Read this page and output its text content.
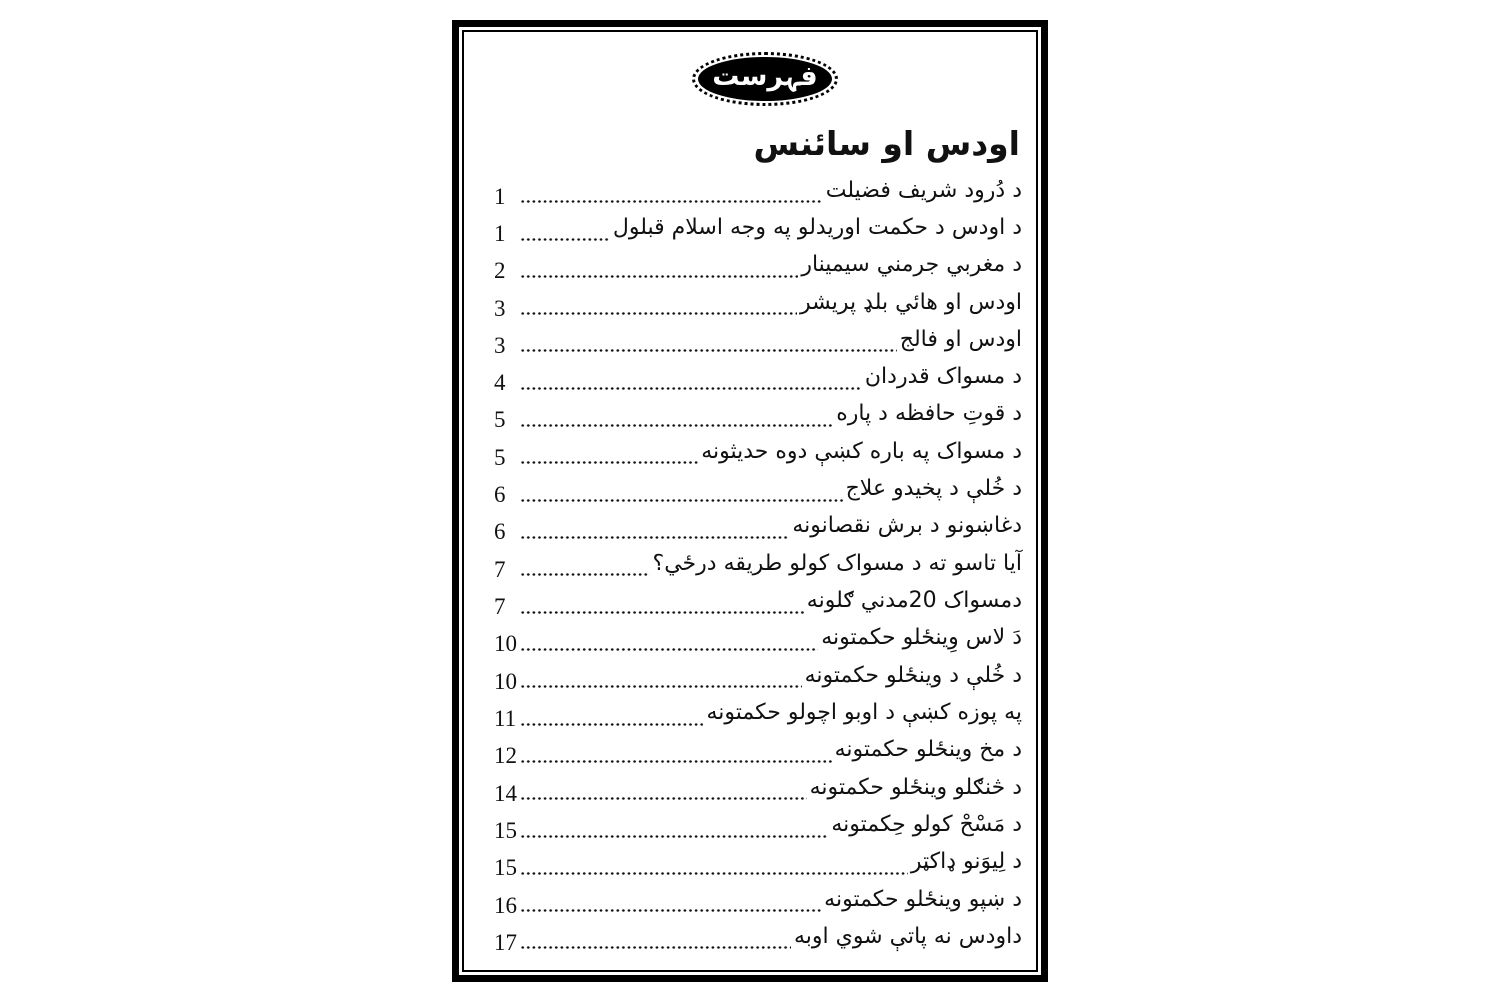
فہرست
اودس او سائنس
د دُرود شریف فضیلت
1
د اودس د حکمت اوریدلو په وجه اسلام قبلول
1
د مغربي جرمني سیمینار
2
اودس او هائي بلډ پریشر
3
اودس او فالج
3
د مسواک قدردان
4
د قوتِ حافظه د پاره
5
د مسواک په باره کښې دوه حدیثونه
5
د خُلې د پخیدو علاج
6
دغاښونو د برش نقصانونه
6
آیا تاسو ته د مسواک کولو طریقه درځي؟
7
دمسواک 20مدني ګلونه
7
دَ لاس وِينځلو حکمتونه
10
د خُلې د وينځلو حکمتونه
10
په پوزه کښې د اوبو اچولو حکمتونه
11
د مخ وينځلو حکمتونه
12
د څنګلو وينځلو حکمتونه
14
د مَسْحْ کولو حِکمتونه
15
د لِیوَنو ډاکټر
15
د ښپو وينځلو حکمتونه
16
داودس نه پاتې شوي اوبه
17
